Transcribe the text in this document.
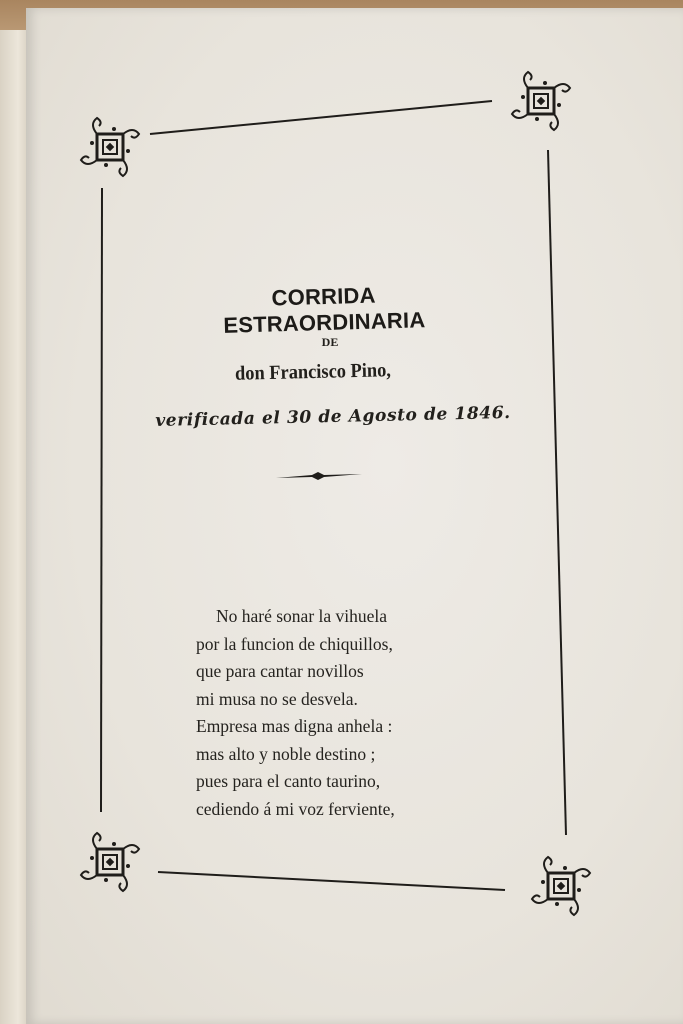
CORRIDA ESTRAORDINARIA
DE
don Francisco Pino,
verificada el 30 de Agosto de 1846.
No haré sonar la vihuela
por la funcion de chiquillos,
que para cantar novillos
mi musa no se desvela.
Empresa mas digna anhela :
mas alto y noble destino ;
pues para el canto taurino,
cediendo á mi voz ferviente,
